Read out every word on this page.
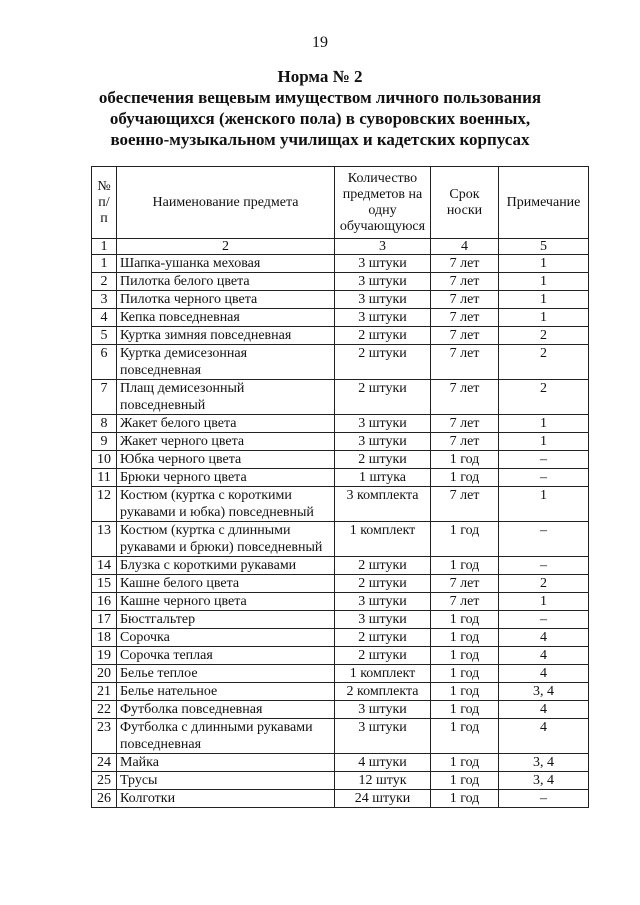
19
Норма № 2
обеспечения вещевым имуществом личного пользования
обучающихся (женского пола) в суворовских военных,
военно-музыкальном училищах и кадетских корпусах
№ п/п	Наименование предмета	Количество предметов на одну обучающуюся	Срок носки	Примечание
1	2	3	4	5
1	Шапка-ушанка меховая	3 штуки	7 лет	1
2	Пилотка белого цвета	3 штуки	7 лет	1
3	Пилотка черного цвета	3 штуки	7 лет	1
4	Кепка повседневная	3 штуки	7 лет	1
5	Куртка зимняя повседневная	2 штуки	7 лет	2
6	Куртка демисезонная повседневная	2 штуки	7 лет	2
7	Плащ демисезонный повседневный	2 штуки	7 лет	2
8	Жакет белого цвета	3 штуки	7 лет	1
9	Жакет черного цвета	3 штуки	7 лет	1
10	Юбка черного цвета	2 штуки	1 год	–
11	Брюки черного цвета	1 штука	1 год	–
12	Костюм (куртка с короткими рукавами и юбка) повседневный	3 комплекта	7 лет	1
13	Костюм (куртка с длинными рукавами и брюки) повседневный	1 комплект	1 год	–
14	Блузка с короткими рукавами	2 штуки	1 год	–
15	Кашне белого цвета	2 штуки	7 лет	2
16	Кашне черного цвета	3 штуки	7 лет	1
17	Бюстгальтер	3 штуки	1 год	–
18	Сорочка	2 штуки	1 год	4
19	Сорочка теплая	2 штуки	1 год	4
20	Белье теплое	1 комплект	1 год	4
21	Белье нательное	2 комплекта	1 год	3, 4
22	Футболка повседневная	3 штуки	1 год	4
23	Футболка с длинными рукавами повседневная	3 штуки	1 год	4
24	Майка	4 штуки	1 год	3, 4
25	Трусы	12 штук	1 год	3, 4
26	Колготки	24 штуки	1 год	–
